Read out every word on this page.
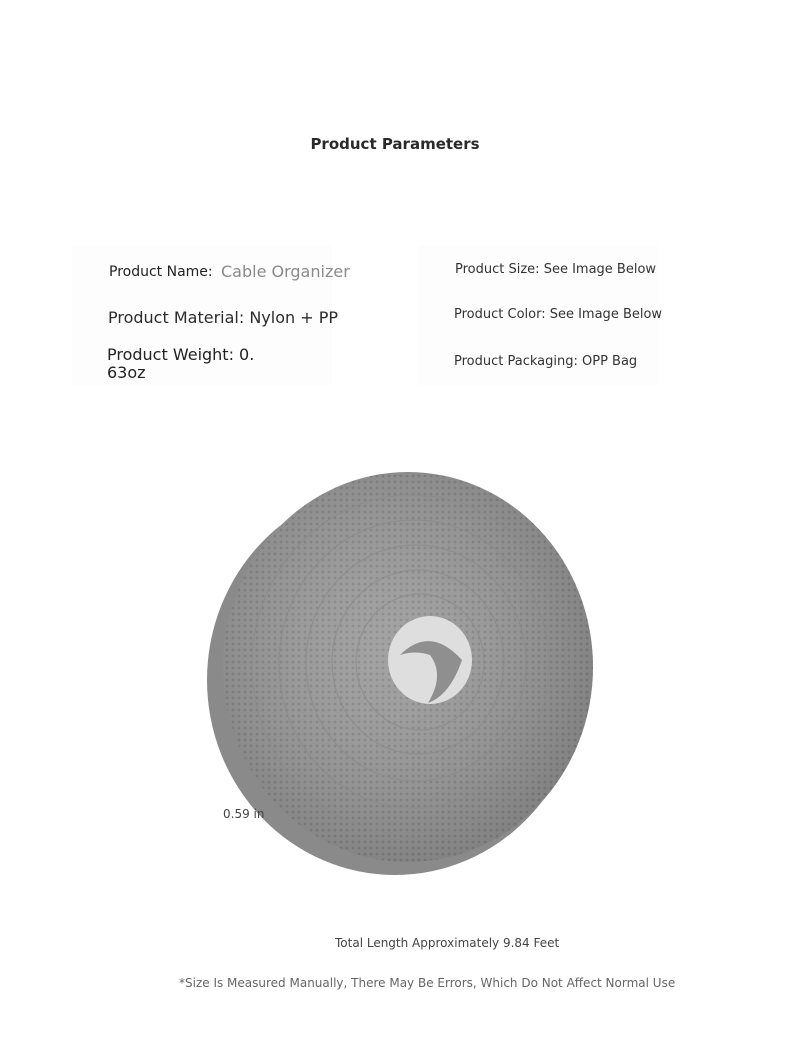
Product Parameters
Product Name: Cable Organizer
Product Material: Nylon + PP
Product Weight: 0.
63oz
Product Size: See Image Below
Product Color: See Image Below
Product Packaging: OPP Bag
0.59 in
Total Length Approximately 9.84 Feet
*Size Is Measured Manually, There May Be Errors, Which Do Not Affect Normal Use
